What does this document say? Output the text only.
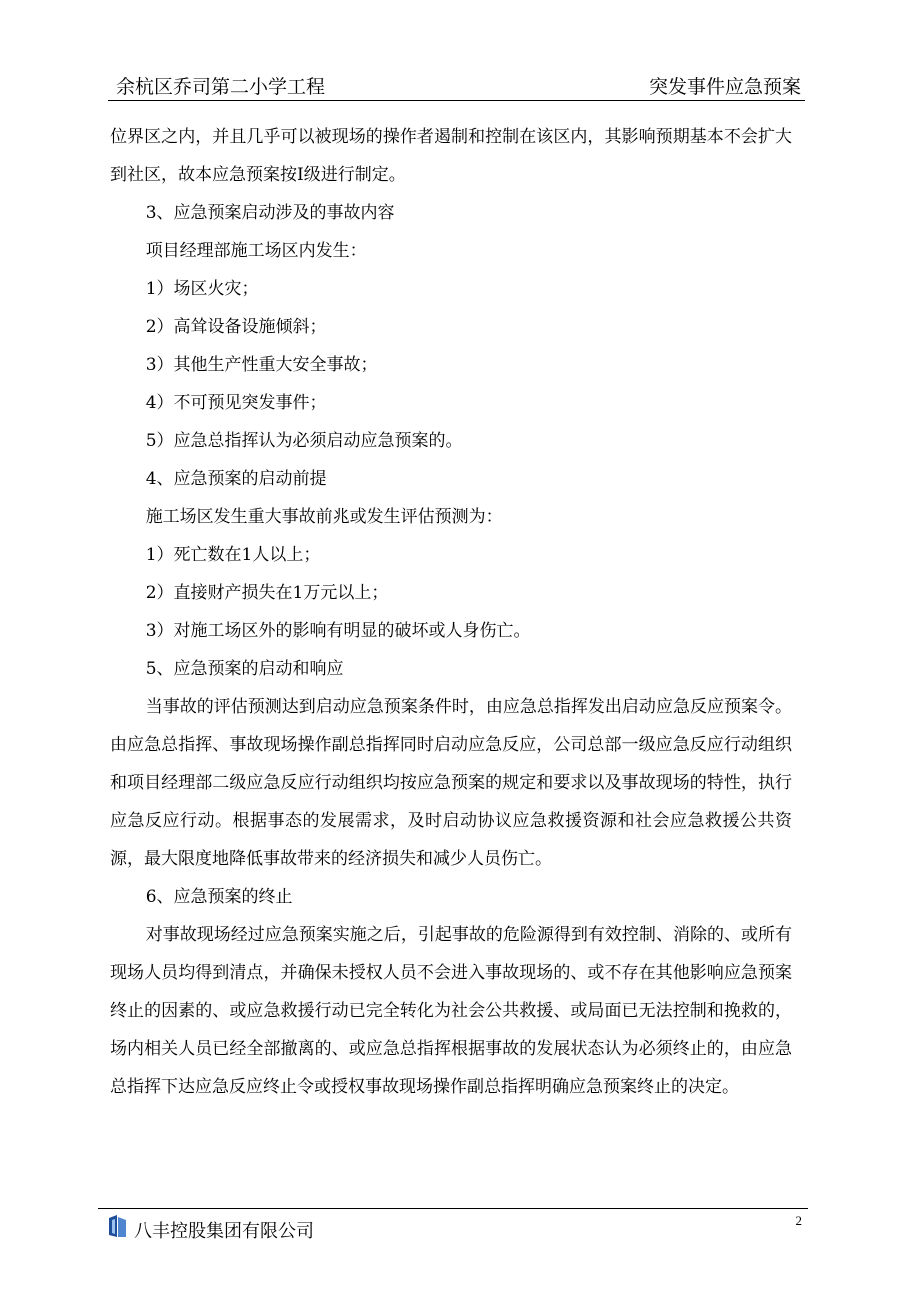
余杭区乔司第二小学工程	突发事件应急预案

位界区之内，并且几乎可以被现场的操作者遏制和控制在该区内，其影响预期基本不会扩大到社区，故本应急预案按Ⅰ级进行制定。

3、应急预案启动涉及的事故内容

项目经理部施工场区内发生：

1）场区火灾；

2）高耸设备设施倾斜；

3）其他生产性重大安全事故；

4）不可预见突发事件；

5）应急总指挥认为必须启动应急预案的。

4、应急预案的启动前提

施工场区发生重大事故前兆或发生评估预测为：

1）死亡数在1人以上；

2）直接财产损失在1万元以上；

3）对施工场区外的影响有明显的破坏或人身伤亡。

5、应急预案的启动和响应

当事故的评估预测达到启动应急预案条件时，由应急总指挥发出启动应急反应预案令。由应急总指挥、事故现场操作副总指挥同时启动应急反应，公司总部一级应急反应行动组织和项目经理部二级应急反应行动组织均按应急预案的规定和要求以及事故现场的特性，执行应急反应行动。根据事态的发展需求，及时启动协议应急救援资源和社会应急救援公共资源，最大限度地降低事故带来的经济损失和减少人员伤亡。

6、应急预案的终止

对事故现场经过应急预案实施之后，引起事故的危险源得到有效控制、消除的、或所有现场人员均得到清点，并确保未授权人员不会进入事故现场的、或不存在其他影响应急预案终止的因素的、或应急救援行动已完全转化为社会公共救援、或局面已无法控制和挽救的，场内相关人员已经全部撤离的、或应急总指挥根据事故的发展状态认为必须终止的，由应急总指挥下达应急反应终止令或授权事故现场操作副总指挥明确应急预案终止的决定。

八丰控股集团有限公司
2
